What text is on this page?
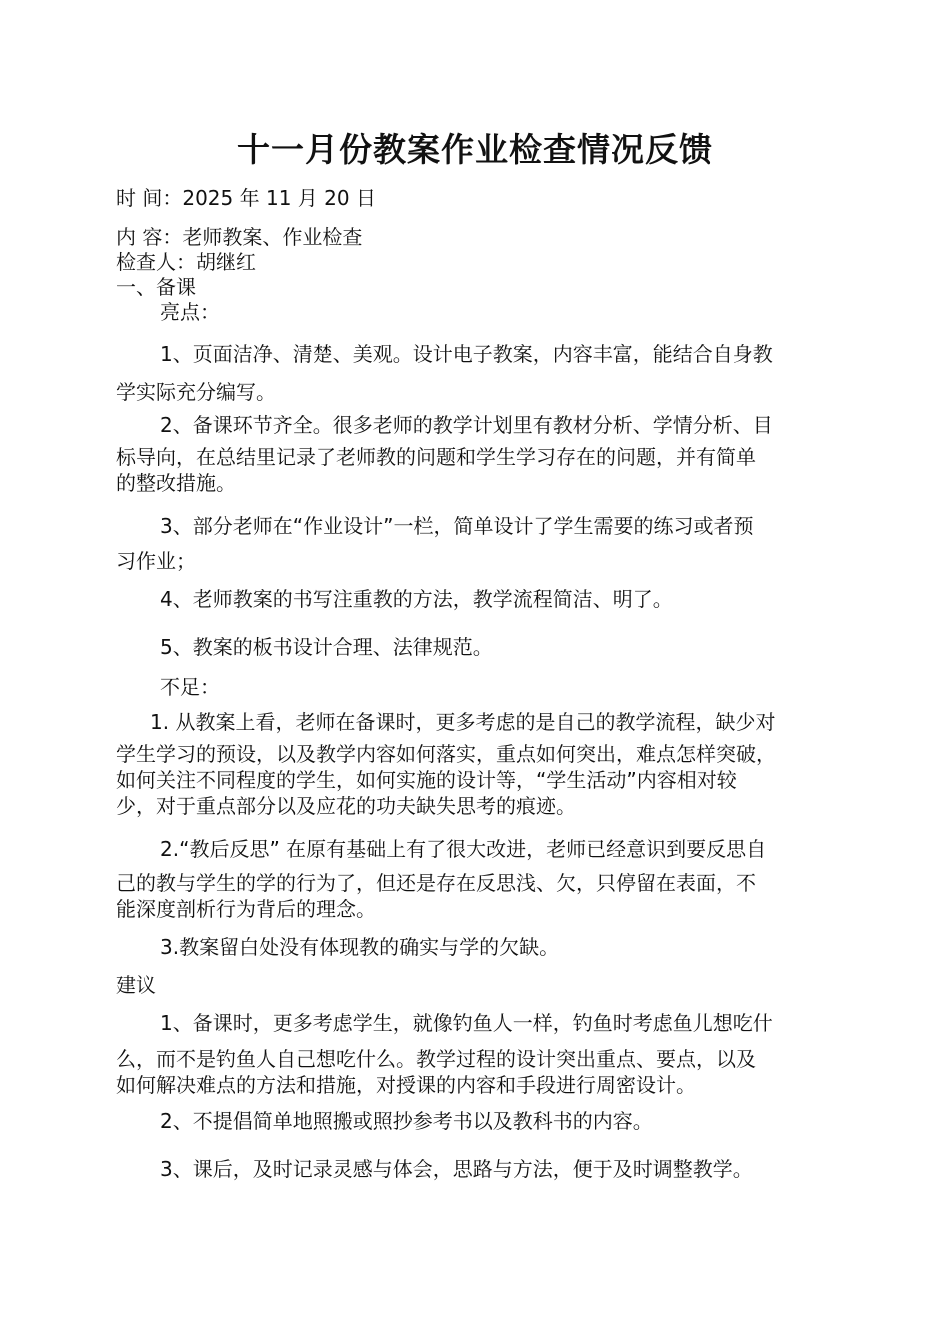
十一月份教案作业检查情况反馈
时 间：2025 年 11 月 20 日
内 容：老师教案、作业检查
检查人：胡继红
一、备课
亮点：
1、页面洁净、清楚、美观。设计电子教案，内容丰富，能结合自身教
学实际充分编写。
2、备课环节齐全。很多老师的教学计划里有教材分析、学情分析、目
标导向，在总结里记录了老师教的问题和学生学习存在的问题，并有简单
的整改措施。
3、部分老师在“作业设计”一栏，简单设计了学生需要的练习或者预
习作业；
4、老师教案的书写注重教的方法，教学流程简洁、明了。
5、教案的板书设计合理、法律规范。
不足：
1. 从教案上看，老师在备课时，更多考虑的是自己的教学流程，缺少对
学生学习的预设，以及教学内容如何落实，重点如何突出，难点怎样突破，
如何关注不同程度的学生，如何实施的设计等，“学生活动”内容相对较
少，对于重点部分以及应花的功夫缺失思考的痕迹。
2.“教后反思” 在原有基础上有了很大改进，老师已经意识到要反思自
己的教与学生的学的行为了，但还是存在反思浅、欠，只停留在表面，不
能深度剖析行为背后的理念。
3.教案留白处没有体现教的确实与学的欠缺。
建议
1、备课时，更多考虑学生，就像钓鱼人一样，钓鱼时考虑鱼儿想吃什
么，而不是钓鱼人自己想吃什么。教学过程的设计突出重点、要点，以及
如何解决难点的方法和措施，对授课的内容和手段进行周密设计。
2、不提倡简单地照搬或照抄参考书以及教科书的内容。
3、课后，及时记录灵感与体会，思路与方法，便于及时调整教学。
